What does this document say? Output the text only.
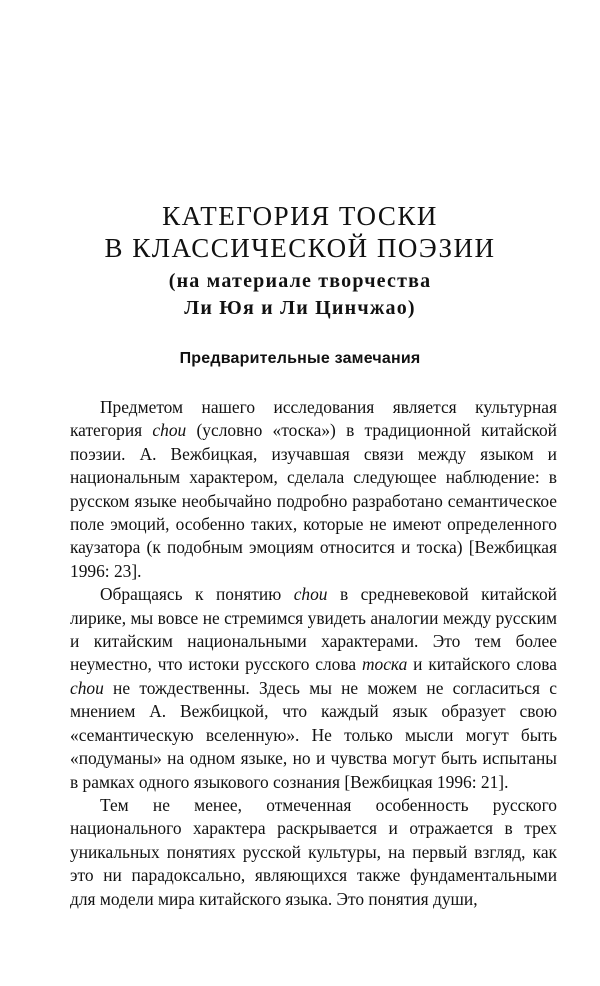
КАТЕГОРИЯ ТОСКИ
В КЛАССИЧЕСКОЙ ПОЭЗИИ
(на материале творчества
Ли Юя и Ли Цинчжао)
Предварительные замечания

Предметом нашего исследования является культурная категория chou (условно «тоска») в традиционной китайской поэзии. А. Вежбицкая, изучавшая связи между языком и национальным характером, сделала следующее наблюдение: в русском языке необычайно подробно разработано семантическое поле эмоций, особенно таких, которые не имеют определенного каузатора (к подобным эмоциям относится и тоска) [Вежбицкая 1996: 23].

Обращаясь к понятию chou в средневековой китайской лирике, мы вовсе не стремимся увидеть аналогии между русским и китайским национальными характерами. Это тем более неуместно, что истоки русского слова тоска и китайского слова chou не тождественны. Здесь мы не можем не согласиться с мнением А. Вежбицкой, что каждый язык образует свою «семантическую вселенную». Не только мысли могут быть «подуманы» на одном языке, но и чувства могут быть испытаны в рамках одного языкового сознания [Вежбицкая 1996: 21].

Тем не менее, отмеченная особенность русского национального характера раскрывается и отражается в трех уникальных понятиях русской культуры, на первый взгляд, как это ни парадоксально, являющихся также фундаментальными для модели мира китайского языка. Это понятия души,
